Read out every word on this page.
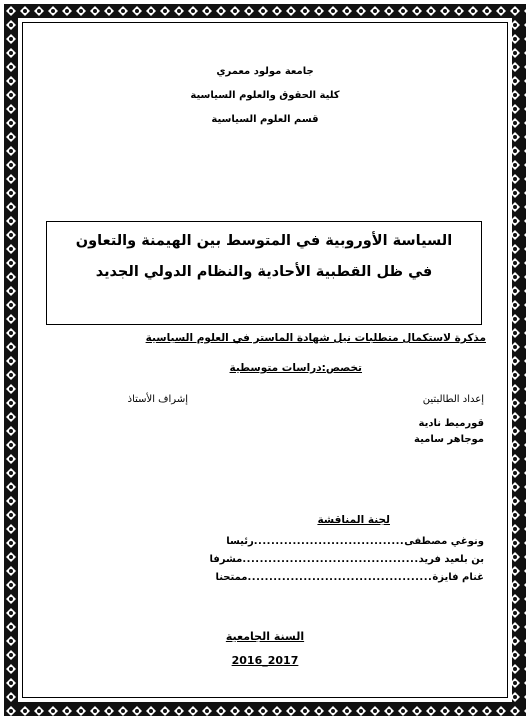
جامعة مولود معمري
كلية الحقوق والعلوم السياسية
قسم العلوم السياسية
السياسة الأوروبية في المتوسط بين الهيمنة والتعاون
في ظل القطبية الأحادية والنظام الدولي الجديد
مذكرة لاستكمال متطلبات نيل شهادة الماستر في العلوم السياسية
تخصص:دراسات متوسطية
إعداد الطالبتين
إشراف الأستاذ
قورميط نادية
موجاهر سامية
لجنة المناقشة
ونوغي مصطفى
...................................
رئيسا
بن بلعيد فريد
.........................................
مشرفا
غنام فايزة
...........................................
ممتحنا
السنة الجامعية
2016_2017
